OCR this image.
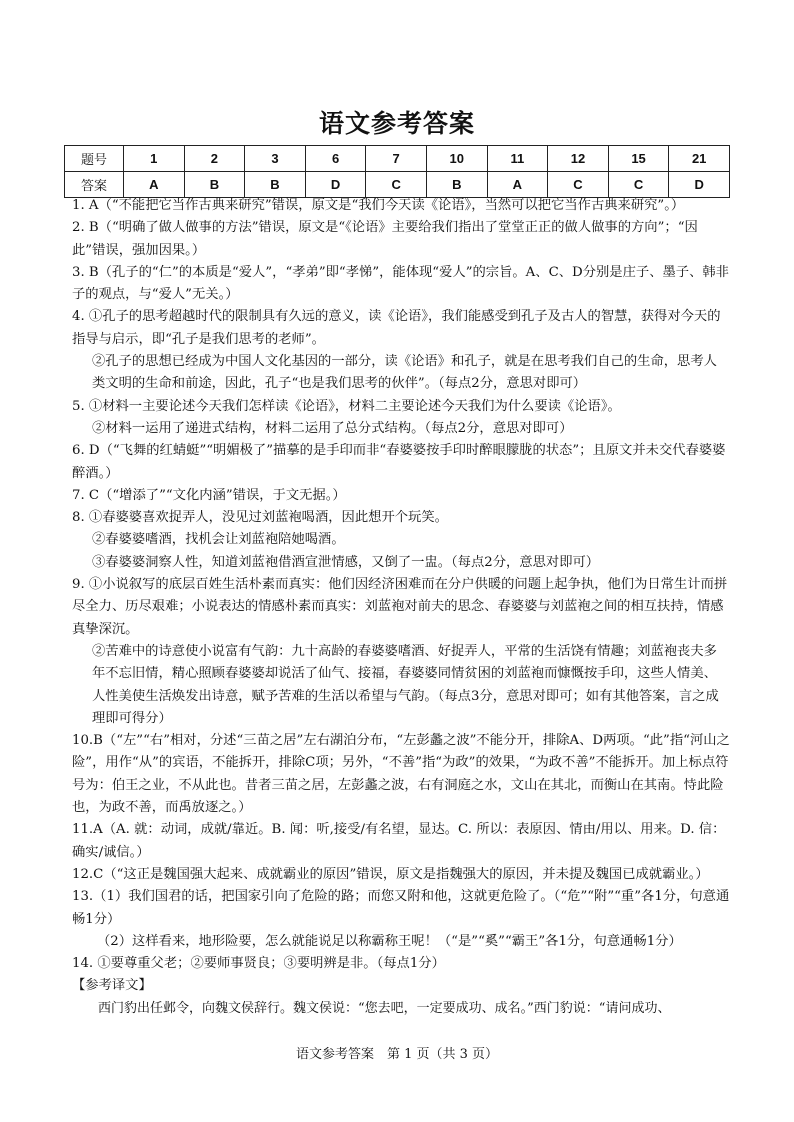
语文参考答案
题号	1	2	3	6	7	10	11	12	15	21
答案	A	B	B	D	C	B	A	C	C	D

1. A（“不能把它当作古典来研究”错误，原文是“我们今天读《论语》，当然可以把它当作古典来研究”。）

2. B（“明确了做人做事的方法”错误，原文是“《论语》主要给我们指出了堂堂正正的做人做事的方向”；“因此”错误，强加因果。）

3. B（孔子的“仁”的本质是“爱人”，“孝弟”即“孝悌”，能体现“爱人”的宗旨。A、C、D分别是庄子、墨子、韩非子的观点，与“爱人”无关。）

4. ①孔子的思考超越时代的限制具有久远的意义，读《论语》，我们能感受到孔子及古人的智慧，获得对今天的指导与启示，即“孔子是我们思考的老师”。

②孔子的思想已经成为中国人文化基因的一部分，读《论语》和孔子，就是在思考我们自己的生命，思考人类文明的生命和前途，因此，孔子“也是我们思考的伙伴”。（每点2分，意思对即可）

5. ①材料一主要论述今天我们怎样读《论语》，材料二主要论述今天我们为什么要读《论语》。

②材料一运用了递进式结构，材料二运用了总分式结构。（每点2分，意思对即可）

6. D（“飞舞的红蜻蜓”“明媚极了”描摹的是手印而非“春婆婆按手印时醉眼朦胧的状态”；且原文并未交代春婆婆醉酒。）

7. C（“增添了”“文化内涵”错误，于文无据。）

8. ①春婆婆喜欢捉弄人，没见过刘蓝袍喝酒，因此想开个玩笑。

②春婆婆嗜酒，找机会让刘蓝袍陪她喝酒。

③春婆婆洞察人性，知道刘蓝袍借酒宣泄情感，又倒了一盅。（每点2分，意思对即可）

9. ①小说叙写的底层百姓生活朴素而真实：他们因经济困难而在分户供暖的问题上起争执，他们为日常生计而拼尽全力、历尽艰难；小说表达的情感朴素而真实：刘蓝袍对前夫的思念、春婆婆与刘蓝袍之间的相互扶持，情感真挚深沉。

②苦难中的诗意使小说富有气韵：九十高龄的春婆婆嗜酒、好捉弄人，平常的生活饶有情趣；刘蓝袍丧夫多年不忘旧情，精心照顾春婆婆却说活了仙气、接福，春婆婆同情贫困的刘蓝袍而慷慨按手印，这些人情美、人性美使生活焕发出诗意，赋予苦难的生活以希望与气韵。（每点3分，意思对即可；如有其他答案，言之成理即可得分）

10.B（“左”“右”相对，分述“三苗之居”左右湖泊分布，“左彭蠡之波”不能分开，排除A、D两项。“此”指“河山之险”，用作“从”的宾语，不能拆开，排除C项；另外，“不善”指“为政”的效果，“为政不善”不能拆开。加上标点符号为：伯王之业，不从此也。昔者三苗之居，左彭蠡之波，右有洞庭之水，文山在其北，而衡山在其南。恃此险也，为政不善，而禹放逐之。）

11.A（A. 就：动词，成就/靠近。B. 闻：听,接受/有名望，显达。C. 所以：表原因、情由/用以、用来。D. 信：确实/诚信。）

12.C（“这正是魏国强大起来、成就霸业的原因”错误，原文是指魏强大的原因，并未提及魏国已成就霸业。）

13.（1）我们国君的话，把国家引向了危险的路；而您又附和他，这就更危险了。（“危”“附”“重”各1分，句意通畅1分）

（2）这样看来，地形险要，怎么就能说足以称霸称王呢！（“是”“奚”“霸王”各1分，句意通畅1分）

14. ①要尊重父老；②要师事贤良；③要明辨是非。（每点1分）

【参考译文】

西门豹出任邺令，向魏文侯辞行。魏文侯说：“您去吧，一定要成功、成名。”西门豹说：“请问成功、

语文参考答案　第 1 页（共 3 页）
